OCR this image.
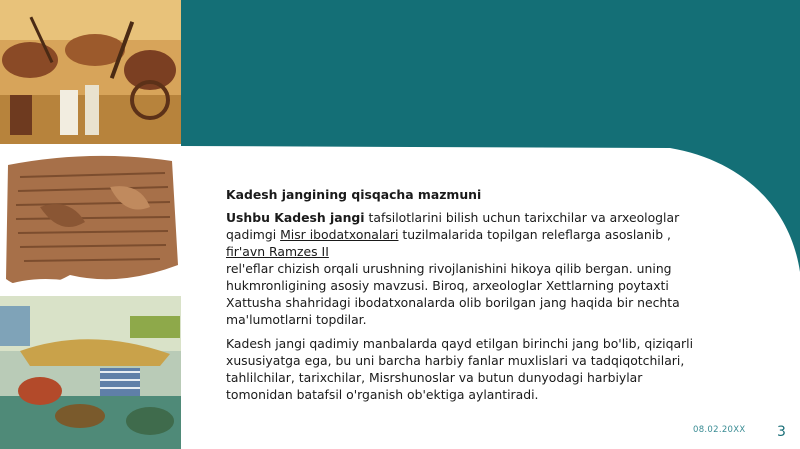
Kadesh jangining qisqacha mazmuni

Ushbu Kadesh jangi tafsilotlarini bilish uchun tarixchilar va arxeologlar qadimgi Misr ibodatxonalari tuzilmalarida topilgan releflarga asoslanib , fir'avn Ramzes II
rel'eflar chizish orqali urushning rivojlanishini hikoya qilib bergan. uning hukmronligining asosiy mavzusi. Biroq, arxeologlar Xettlarning poytaxti Xattusha shahridagi ibodatxonalarda olib borilgan jang haqida bir nechta ma'lumotlarni topdilar.

Kadesh jangi qadimiy manbalarda qayd etilgan birinchi jang bo'lib, qiziqarli xususiyatga ega, bu uni barcha harbiy fanlar muxlislari va tadqiqotchilari, tahlilchilar, tarixchilar, Misrshunoslar va butun dunyodagi harbiylar tomonidan batafsil o'rganish ob'ektiga aylantiradi.

08.02.20XX 3
